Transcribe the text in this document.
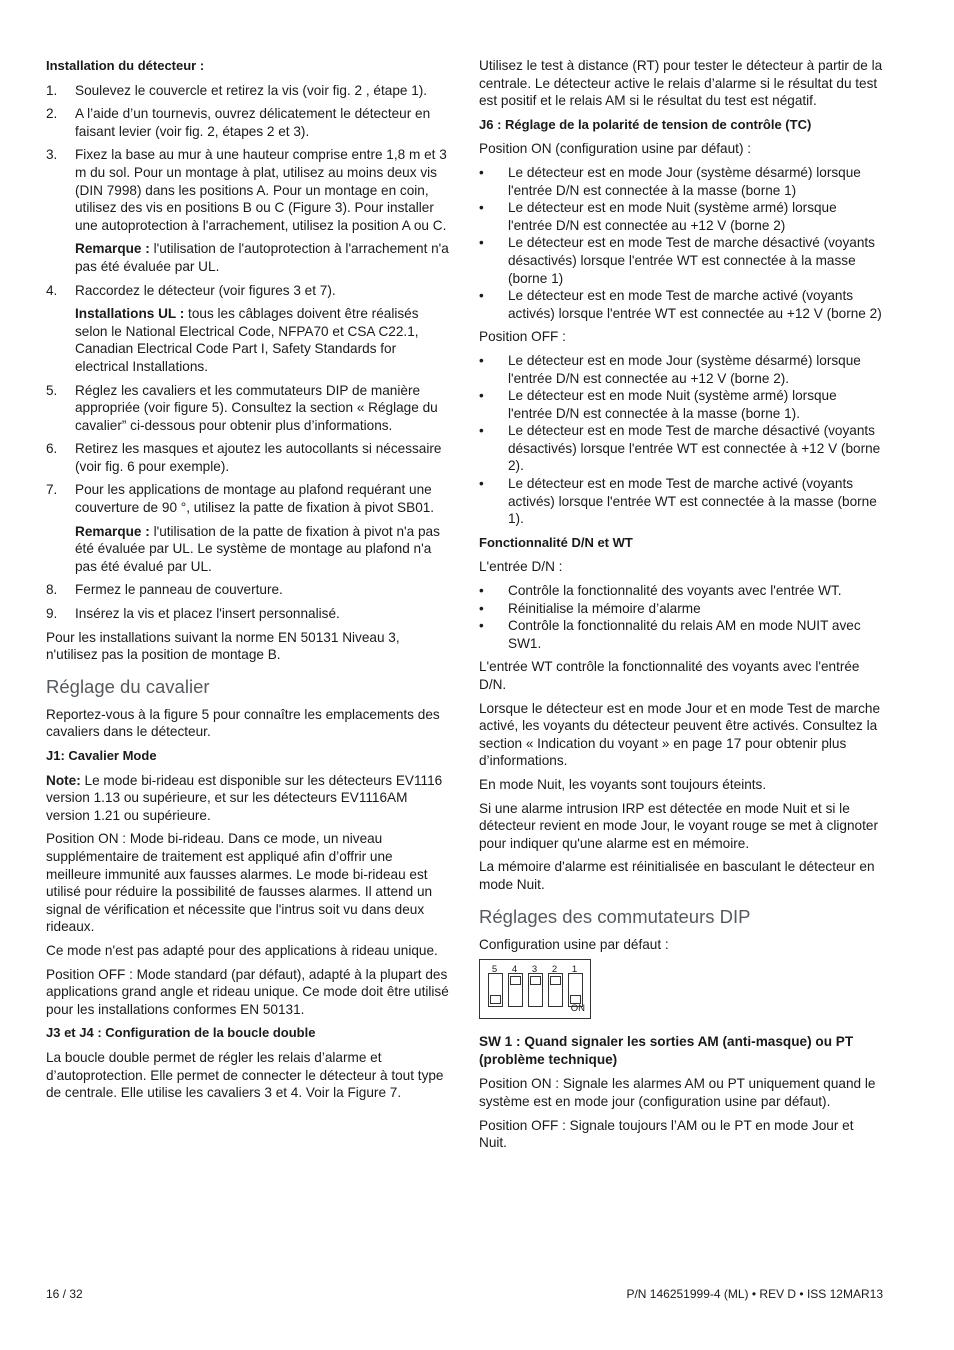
Installation du détecteur :

1. Soulevez le couvercle et retirez la vis (voir fig. 2 , étape 1).
2. A l’aide d’un tournevis, ouvrez délicatement le détecteur en faisant levier (voir fig. 2, étapes 2 et 3).
3. Fixez la base au mur à une hauteur comprise entre 1,8 m et 3 m du sol. Pour un montage à plat, utilisez au moins deux vis (DIN 7998) dans les positions A. Pour un montage en coin, utilisez des vis en positions B ou C (Figure 3). Pour installer une autoprotection à l'arrachement, utilisez la position A ou C.

Remarque : l'utilisation de l'autoprotection à l'arrachement n'a pas été évaluée par UL.

4. Raccordez le détecteur (voir figures 3 et 7).

Installations UL : tous les câblages doivent être réalisés selon le National Electrical Code, NFPA70 et CSA C22.1, Canadian Electrical Code Part I, Safety Standards for electrical Installations.

5. Réglez les cavaliers et les commutateurs DIP de manière appropriée (voir figure 5). Consultez la section « Réglage du cavalier” ci-dessous pour obtenir plus d’informations.
6. Retirez les masques et ajoutez les autocollants si nécessaire (voir fig. 6 pour exemple).
7. Pour les applications de montage au plafond requérant une couverture de 90 °, utilisez la patte de fixation à pivot SB01.

Remarque : l'utilisation de la patte de fixation à pivot n'a pas été évaluée par UL. Le système de montage au plafond n'a pas été évalué par UL.

8. Fermez le panneau de couverture.
9. Insérez la vis et placez l'insert personnalisé.

Pour les installations suivant la norme EN 50131 Niveau 3, n'utilisez pas la position de montage B.

Réglage du cavalier

Reportez-vous à la figure 5 pour connaître les emplacements des cavaliers dans le détecteur.

J1: Cavalier Mode

Note: Le mode bi-rideau est disponible sur les détecteurs EV1116 version 1.13 ou supérieure, et sur les détecteurs EV1116AM version 1.21 ou supérieure.

Position ON : Mode bi-rideau. Dans ce mode, un niveau supplémentaire de traitement est appliqué afin d’offrir une meilleure immunité aux fausses alarmes. Le mode bi-rideau est utilisé pour réduire la possibilité de fausses alarmes. Il attend un signal de vérification et nécessite que l'intrus soit vu dans deux rideaux.

Ce mode n'est pas adapté pour des applications à rideau unique.

Position OFF : Mode standard (par défaut), adapté à la plupart des applications grand angle et rideau unique. Ce mode doit être utilisé pour les installations conformes EN 50131.

J3 et J4 : Configuration de la boucle double

La boucle double permet de régler les relais d’alarme et d’autoprotection. Elle permet de connecter le détecteur à tout type de centrale. Elle utilise les cavaliers 3 et 4. Voir la Figure 7.

Utilisez le test à distance (RT) pour tester le détecteur à partir de la centrale. Le détecteur active le relais d’alarme si le résultat du test est positif et le relais AM si le résultat du test est négatif.

J6 : Réglage de la polarité de tension de contrôle (TC)

Position ON (configuration usine par défaut) :

• Le détecteur est en mode Jour (système désarmé) lorsque l'entrée D/N est connectée à la masse (borne 1)
• Le détecteur est en mode Nuit (système armé) lorsque l'entrée D/N est connectée au +12 V (borne 2)
• Le détecteur est en mode Test de marche désactivé (voyants désactivés) lorsque l'entrée WT est connectée à la masse (borne 1)
• Le détecteur est en mode Test de marche activé (voyants activés) lorsque l'entrée WT est connectée au +12 V (borne 2)

Position OFF :

• Le détecteur est en mode Jour (système désarmé) lorsque l'entrée D/N est connectée au +12 V (borne 2).
• Le détecteur est en mode Nuit (système armé) lorsque l'entrée D/N est connectée à la masse (borne 1).
• Le détecteur est en mode Test de marche désactivé (voyants désactivés) lorsque l'entrée WT est connectée à +12 V (borne 2).
• Le détecteur est en mode Test de marche activé (voyants activés) lorsque l'entrée WT est connectée à la masse (borne 1).

Fonctionnalité D/N et WT

L'entrée D/N :

• Contrôle la fonctionnalité des voyants avec l'entrée WT.
• Réinitialise la mémoire d’alarme
• Contrôle la fonctionnalité du relais AM en mode NUIT avec SW1.

L'entrée WT contrôle la fonctionnalité des voyants avec l'entrée D/N.

Lorsque le détecteur est en mode Jour et en mode Test de marche activé, les voyants du détecteur peuvent être activés. Consultez la section « Indication du voyant » en page 17 pour obtenir plus d’informations.

En mode Nuit, les voyants sont toujours éteints.

Si une alarme intrusion IRP est détectée en mode Nuit et si le détecteur revient en mode Jour, le voyant rouge se met à clignoter pour indiquer qu'une alarme est en mémoire.

La mémoire d'alarme est réinitialisée en basculant le détecteur en mode Nuit.

Réglages des commutateurs DIP

Configuration usine par défaut :

ON
5	4	3	2	1

SW 1 : Quand signaler les sorties AM (anti-masque) ou PT (problème technique)

Position ON : Signale les alarmes AM ou PT uniquement quand le système est en mode jour (configuration usine par défaut).

Position OFF : Signale toujours l’AM ou le PT en mode Jour et Nuit.

16 / 32	P/N 146251999-4 (ML) • REV D • ISS 12MAR13
